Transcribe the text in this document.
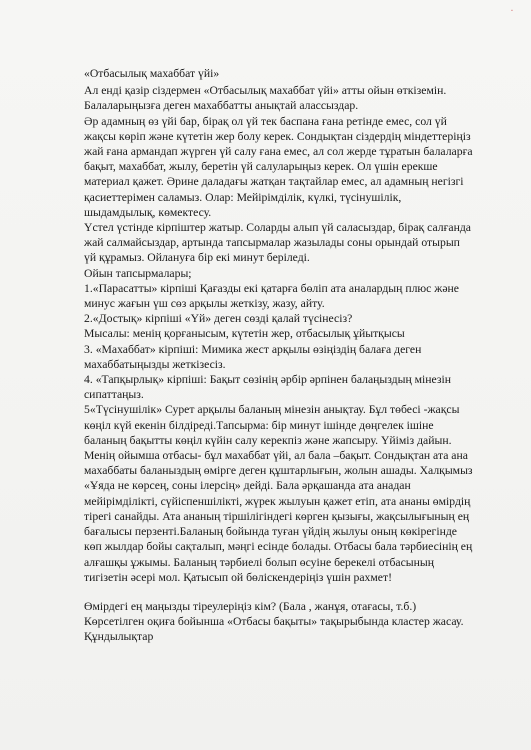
.

«Отбасылық махаббат үйі»

Ал енді қазір сіздермен «Отбасылық махаббат үйі» атты ойын өткіземін.

Балаларыңызға деген махаббатты анықтай алассыздар.

Әр адамның өз үйі бар, бірақ ол үй тек баспана ғана ретінде емес, сол үй

жақсы көріп және күтетін жер болу керек. Сондықтан сіздердің міндеттеріңіз

жай ғана армандап жүрген үй салу ғана емес, ал сол жерде тұратын балаларға

бақыт, махаббат, жылу, беретін үй салуларыңыз керек. Ол үшін ерекше

материал қажет. Әрине даладағы жатқан тақтайлар емес, ал адамның негізгі

қасиеттерімен саламыз. Олар: Мейірімділік, күлкі, түсінушілік,

шыдамдылық, көмектесу.

Үстел үстінде кірпіштер жатыр. Соларды алып үй саласыздар, бірақ салғанда

жай салмайсыздар, артында тапсырмалар жазылады соны орындай отырып

үй құрамыз. Ойлануға бір екі минут беріледі.

Ойын тапсырмалары;

1.«Парасатты» кірпіші Қағазды екі қатарға бөліп ата аналардың плюс және

минус жағын үш сөз арқылы жеткізу, жазу, айту.

2.«Достық» кірпіші «Үй» деген сөзді қалай түсінесіз?

Мысалы: менің қорғанысым, күтетін жер, отбасылық ұйытқысы

3. «Махаббат» кірпіші: Мимика жест арқылы өзіңіздің балаға деген

махаббатыңызды жеткізесіз.

4. «Тапқырлық» кірпіші: Бақыт сөзінің әрбір әрпінен балаңыздың мінезін

сипаттаңыз.

5«Түсінушілік» Сурет арқылы баланың мінезін анықтау. Бұл төбесі -жақсы

көңіл күй екенін білдіреді.Тапсырма: бір минут ішінде дөңгелек ішіне

баланың бақытты көңіл күйін салу керекпіз және жапсыру. Үйіміз дайын.

Менің ойымша отбасы- бұл махаббат үйі, ал бала –бақыт. Сондықтан ата ана

махаббаты баланыздың өміргe деген құштарлығын, жолын ашады. Халқымыз

«Ұяда не көрсең, соны ілерсің» дейді. Бала әрқашанда ата анадан

мейірімділікті, сүйіспеншілікті, жүрек жылуын қажет етіп, ата ананы өмірдің

тірегі санайды. Ата ананың тіршілігіндегі көрген қызығы, жақсылығының ең

бағалысы перзенті.Баланың бойында туған үйдің жылуы оның көкірегінде

көп жылдар бойы сақталып, мәңгі есінде болады. Отбасы бала тәрбиесінің ең

алғашқы ұжымы. Баланың тәрбиелі болып өсуіне берекелі отбасының

тигізетін әсері мол. Қатысып ой бөліскендеріңіз үшін рахмет!

Өмірдегі ең маңызды тіреулеріңіз кім? (Бала , жанұя, отағасы, т.б.)

Көрсетілген оқиға бойынша «Отбасы бақыты» тақырыбында кластер жасау.

Құндылықтар
